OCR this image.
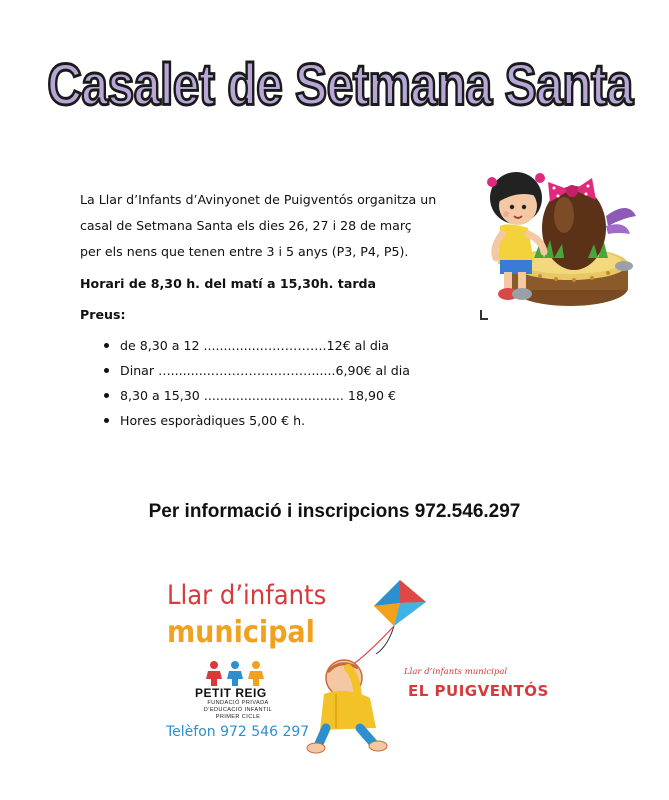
Casalet de Setmana Santa
La Llar d’Infants d’Avinyonet de Puigventós organitza un
casal de Setmana Santa els dies 26, 27 i 28 de març
per els nens que tenen entre 3 i 5 anys (P3, P4, P5).
Horari de 8,30 h. del matí a 15,30h. tarda
Preus:
de 8,30 a 12 ..............…………….12€ al dia
Dinar …..........……………………......6,90€ al dia
8,30 a 15,30 ................................... 18,90 €
Hores esporàdiques 5,00 € h.
Per informació i inscripcions 972.546.297
Llar d’infants
municipal
PETIT REIG
FUNDACIÓ PRIVADA
D’EDUCACIÓ INFANTIL
PRIMER CICLE
Telèfon 972 546 297
Llar d’infants municipal
EL PUIGVENTÓS
